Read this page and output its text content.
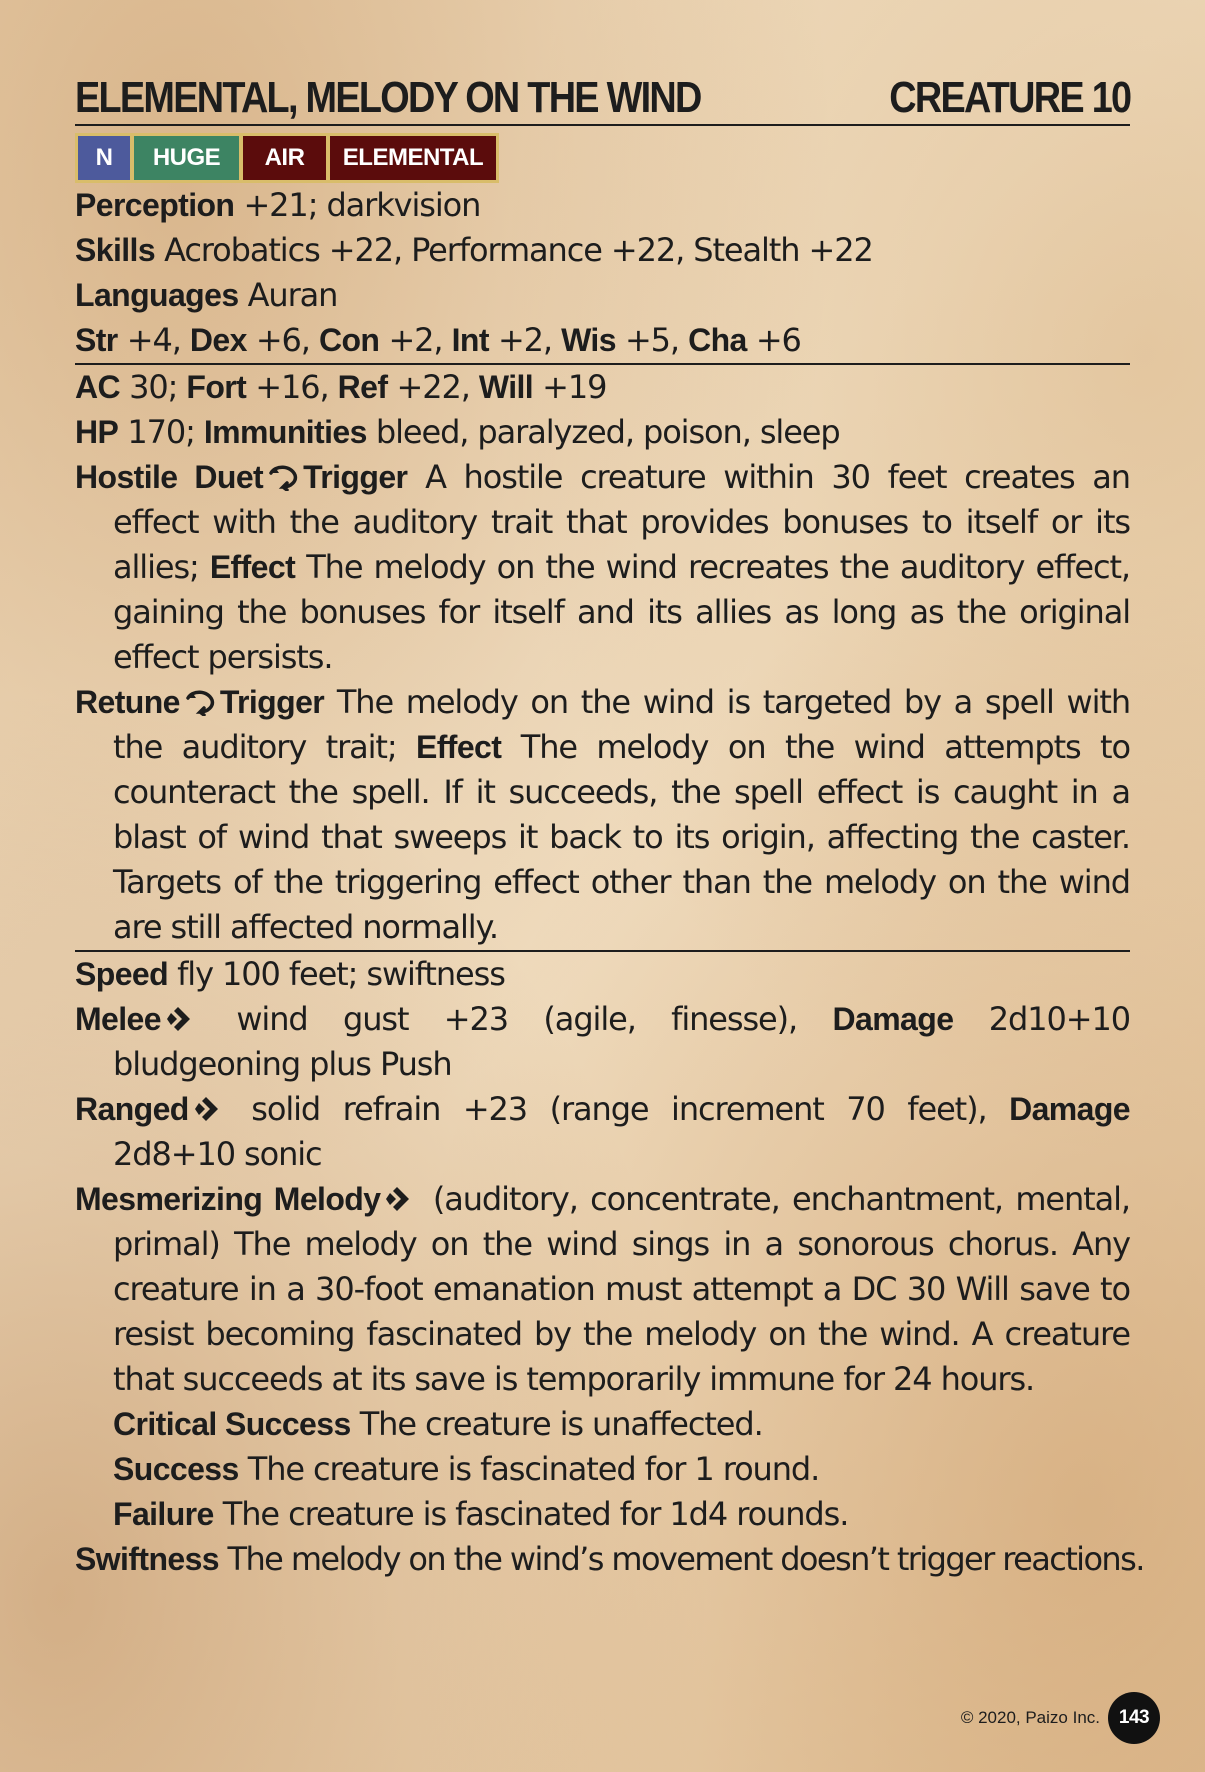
ELEMENTAL, MELODY ON THE WIND	CREATURE 10
N	HUGE	AIR	ELEMENTAL
Perception +21; darkvision
Skills Acrobatics +22, Performance +22, Stealth +22
Languages Auran
Str +4, Dex +6, Con +2, Int +2, Wis +5, Cha +6
AC 30; Fort +16, Ref +22, Will +19
HP 170; Immunities bleed, paralyzed, poison, sleep
Hostile Duet Trigger A hostile creature within 30 feet creates an effect with the auditory trait that provides bonuses to itself or its allies; Effect The melody on the wind recreates the auditory effect, gaining the bonuses for itself and its allies as long as the original effect persists.
Retune Trigger The melody on the wind is targeted by a spell with the auditory trait; Effect The melody on the wind attempts to counteract the spell. If it succeeds, the spell effect is caught in a blast of wind that sweeps it back to its origin, affecting the caster. Targets of the triggering effect other than the melody on the wind are still affected normally.
Speed fly 100 feet; swiftness
Melee wind gust +23 (agile, finesse), Damage 2d10+10 bludgeoning plus Push
Ranged solid refrain +23 (range increment 70 feet), Damage 2d8+10 sonic
Mesmerizing Melody (auditory, concentrate, enchantment, mental, primal) The melody on the wind sings in a sonorous chorus. Any creature in a 30-foot emanation must attempt a DC 30 Will save to resist becoming fascinated by the melody on the wind. A creature that succeeds at its save is temporarily immune for 24 hours.
Critical Success The creature is unaffected.
Success The creature is fascinated for 1 round.
Failure The creature is fascinated for 1d4 rounds.
Swiftness The melody on the wind’s movement doesn’t trigger reactions.
© 2020, Paizo Inc. 143
